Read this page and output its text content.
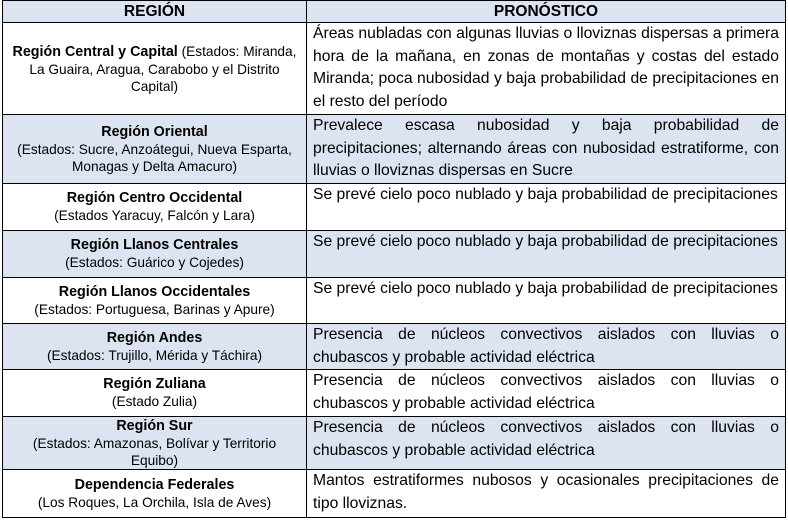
REGIÓN	PRONÓSTICO
Región Central y Capital (Estados: Miranda, La Guaira, Aragua, Carabobo y el Distrito Capital)	Áreas nubladas con algunas lluvias o lloviznas dispersas a primera hora de la mañana, en zonas de montañas y costas del estado Miranda; poca nubosidad y baja probabilidad de precipitaciones en el resto del período

Región Oriental
(Estados: Sucre, Anzoátegui, Nueva Esparta, Monagas y Delta Amacuro)	Prevalece escasa nubosidad y baja probabilidad de precipitaciones; alternando áreas con nubosidad estratiforme, con lluvias o lloviznas dispersas en Sucre

Región Centro Occidental
(Estados Yaracuy, Falcón y Lara)	Se prevé cielo poco nublado y baja probabilidad de precipitaciones

Región Llanos Centrales
(Estados: Guárico y Cojedes)	Se prevé cielo poco nublado y baja probabilidad de precipitaciones

Región Llanos Occidentales
(Estados: Portuguesa, Barinas y Apure)	Se prevé cielo poco nublado y baja probabilidad de precipitaciones

Región Andes
(Estados: Trujillo, Mérida y Táchira)	Presencia de núcleos convectivos aislados con lluvias o chubascos y probable actividad eléctrica

Región Zuliana
(Estado Zulia)	Presencia de núcleos convectivos aislados con lluvias o chubascos y probable actividad eléctrica

Región Sur
(Estados: Amazonas, Bolívar y Territorio Equibo)	Presencia de núcleos convectivos aislados con lluvias o chubascos y probable actividad eléctrica

Dependencia Federales
(Los Roques, La Orchila, Isla de Aves)	Mantos estratiformes nubosos y ocasionales precipitaciones de tipo lloviznas.
